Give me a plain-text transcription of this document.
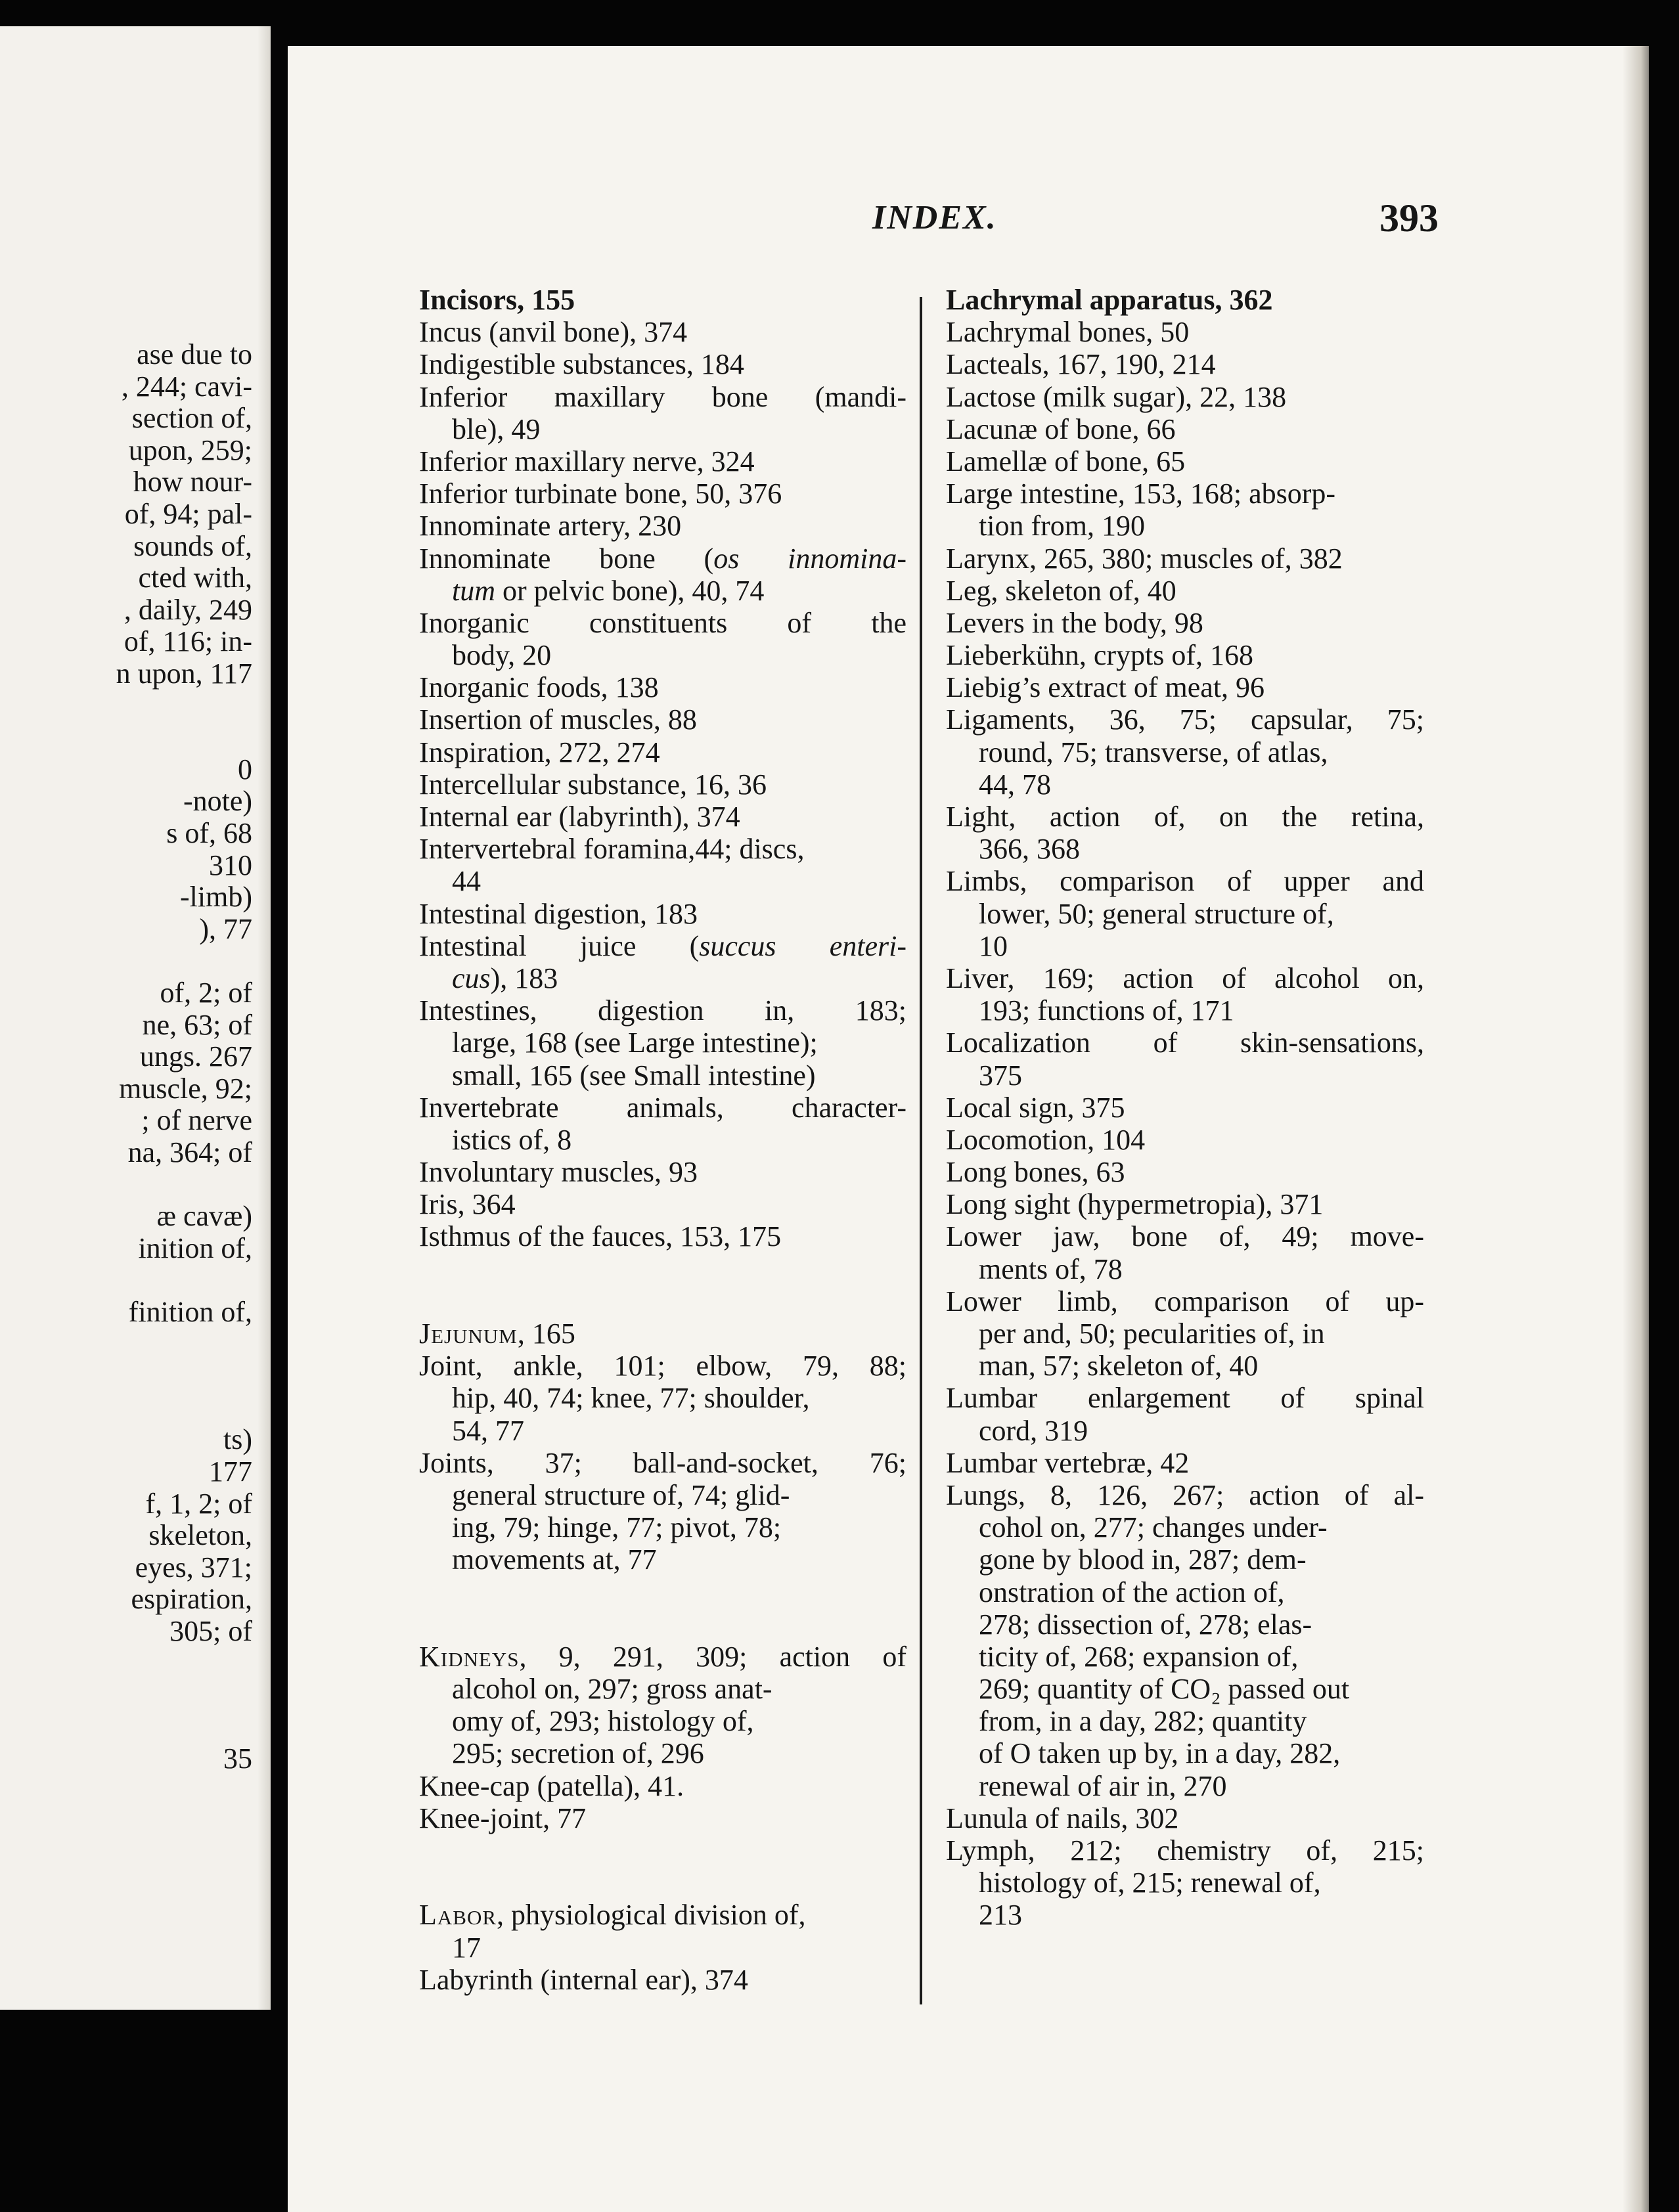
ase due to
, 244; cavi-
section of,
upon, 259;
how nour-
of, 94; pal-
sounds of,
cted with,
, daily, 249
of, 116; in-
n upon, 117
0
-note)
s of, 68
310
-limb)
), 77
of, 2; of
ne, 63; of
ungs. 267
muscle, 92;
; of nerve
na, 364; of
æ cavæ)
inition of,
finition of,
ts)
177
f, 1, 2; of
skeleton,
eyes, 371;
espiration,
305; of
35
INDEX.	393
Incisors, 155
Incus (anvil bone), 374
Indigestible substances, 184
Inferior maxillary bone (mandi-
ble), 49
Inferior maxillary nerve, 324
Inferior turbinate bone, 50, 376
Innominate artery, 230
Innominate bone (os innomina-
tum or pelvic bone), 40, 74
Inorganic constituents of the
body, 20
Inorganic foods, 138
Insertion of muscles, 88
Inspiration, 272, 274
Intercellular substance, 16, 36
Internal ear (labyrinth), 374
Intervertebral foramina,44; discs,
44
Intestinal digestion, 183
Intestinal juice (succus enteri-
cus), 183
Intestines, digestion in, 183;
large, 168 (see Large intestine);
small, 165 (see Small intestine)
Invertebrate animals, character-
istics of, 8
Involuntary muscles, 93
Iris, 364
Isthmus of the fauces, 153, 175
Jejunum, 165
Joint, ankle, 101; elbow, 79, 88;
hip, 40, 74; knee, 77; shoulder,
54, 77
Joints, 37; ball-and-socket, 76;
general structure of, 74; glid-
ing, 79; hinge, 77; pivot, 78;
movements at, 77
Kidneys, 9, 291, 309; action of
alcohol on, 297; gross anat-
omy of, 293; histology of,
295; secretion of, 296
Knee-cap (patella), 41.
Knee-joint, 77
Labor, physiological division of,
17
Labyrinth (internal ear), 374
Lachrymal apparatus, 362
Lachrymal bones, 50
Lacteals, 167, 190, 214
Lactose (milk sugar), 22, 138
Lacunæ of bone, 66
Lamellæ of bone, 65
Large intestine, 153, 168; absorp-
tion from, 190
Larynx, 265, 380; muscles of, 382
Leg, skeleton of, 40
Levers in the body, 98
Lieberkühn, crypts of, 168
Liebig’s extract of meat, 96
Ligaments, 36, 75; capsular, 75;
round, 75; transverse, of atlas,
44, 78
Light, action of, on the retina,
366, 368
Limbs, comparison of upper and
lower, 50; general structure of,
10
Liver, 169; action of alcohol on,
193; functions of, 171
Localization of skin-sensations,
375
Local sign, 375
Locomotion, 104
Long bones, 63
Long sight (hypermetropia), 371
Lower jaw, bone of, 49; move-
ments of, 78
Lower limb, comparison of up-
per and, 50; pecularities of, in
man, 57; skeleton of, 40
Lumbar enlargement of spinal
cord, 319
Lumbar vertebræ, 42
Lungs, 8, 126, 267; action of al-
cohol on, 277; changes under-
gone by blood in, 287; dem-
onstration of the action of,
278; dissection of, 278; elas-
ticity of, 268; expansion of,
269; quantity of CO₂ passed out
from, in a day, 282; quantity
of O taken up by, in a day, 282,
renewal of air in, 270
Lunula of nails, 302
Lymph, 212; chemistry of, 215;
histology of, 215; renewal of,
213
